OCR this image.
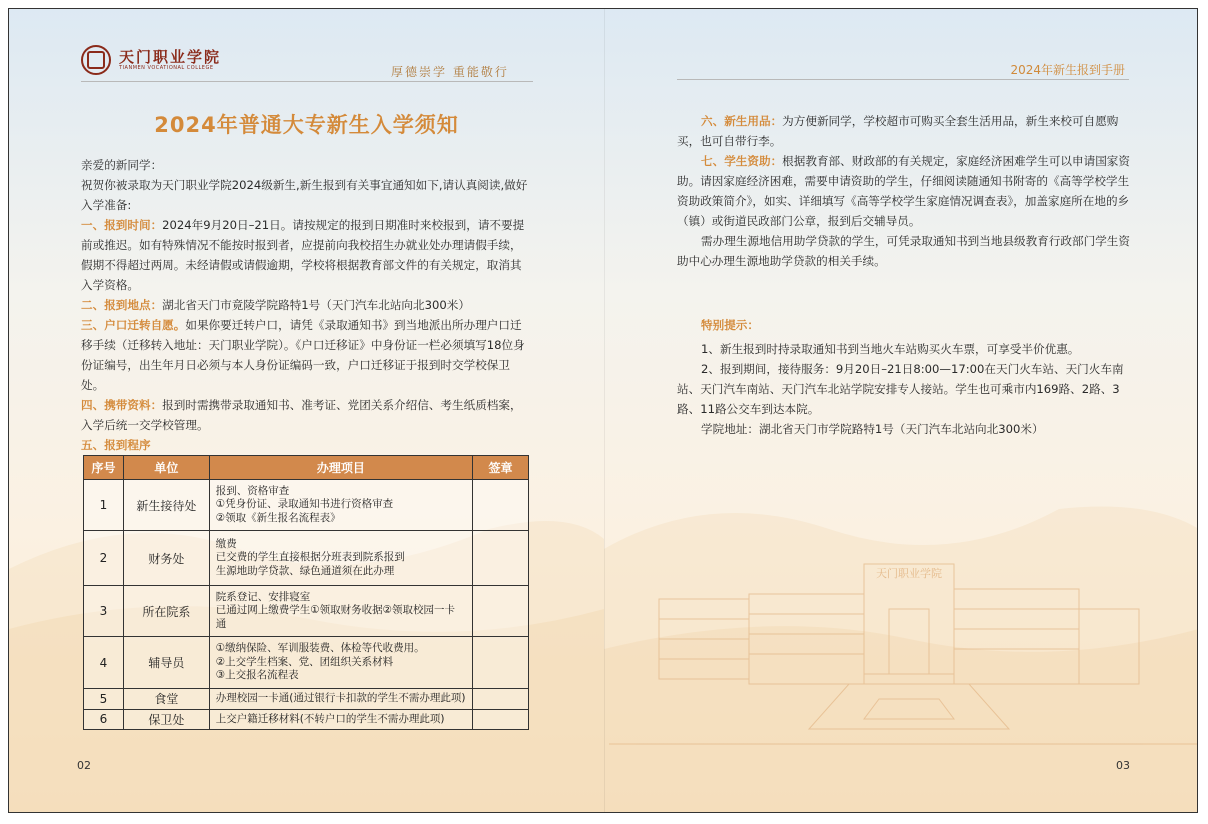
天门职业学院
天门职业学院
TIANMEN VOCATIONAL COLLEGE	厚德崇学 重能敬行
2024年普通大专新生入学须知

亲爱的新同学：

祝贺你被录取为天门职业学院2024级新生,新生报到有关事宜通知如下,请认真阅读,做好入学准备:

一、报到时间：2024年9月20日–21日。请按规定的报到日期准时来校报到，请不要提前或推迟。如有特殊情况不能按时报到者，应提前向我校招生办就业处办理请假手续，假期不得超过两周。未经请假或请假逾期，学校将根据教育部文件的有关规定，取消其入学资格。

二、报到地点：湖北省天门市竟陵学院路特1号（天门汽车北站向北300米）

三、户口迁转自愿。如果你要迁转户口，请凭《录取通知书》到当地派出所办理户口迁移手续（迁移转入地址：天门职业学院）。《户口迁移证》中身份证一栏必须填写18位身份证编号，出生年月日必须与本人身份证编码一致，户口迁移证于报到时交学校保卫处。

四、携带资料：报到时需携带录取通知书、准考证、党团关系介绍信、考生纸质档案，入学后统一交学校管理。

五、报到程序

序号	单位	办理项目	签章
1	新生接待处	报到、资格审查
①凭身份证、录取通知书进行资格审查
②领取《新生报名流程表》	

2	财务处	缴费
已交费的学生直接根据分班表到院系报到
生源地助学贷款、绿色通道须在此办理	

3	所在院系	院系登记、安排寝室
已通过网上缴费学生①领取财务收据②领取校园一卡 通	

4	辅导员	①缴纳保险、军训服装费、体检等代收费用。
②上交学生档案、党、团组织关系材料
③上交报名流程表	

5	食堂	办理校园一卡通(通过银行卡扣款的学生不需办理此项)	

6	保卫处	上交户籍迁移材料(不转户口的学生不需办理此项)	

02
2024年新生报到手册

六、新生用品：为方便新同学，学校超市可购买全套生活用品，新生来校可自愿购买，也可自带行李。

七、学生资助：根据教育部、财政部的有关规定，家庭经济困难学生可以申请国家资助。请因家庭经济困难，需要申请资助的学生，仔细阅读随通知书附寄的《高等学校学生资助政策简介》，如实、详细填写《高等学校学生家庭情况调查表》，加盖家庭所在地的乡（镇）或街道民政部门公章，报到后交辅导员。

需办理生源地信用助学贷款的学生，可凭录取通知书到当地县级教育行政部门学生资助中心办理生源地助学贷款的相关手续。

特别提示：

1、新生报到时持录取通知书到当地火车站购买火车票，可享受半价优惠。

2、报到期间，接待服务：9月20日–21日8:00—17:00在天门火车站、天门火车南站、天门汽车南站、天门汽车北站学院安排专人接站。学生也可乘市内169路、2路、3路、11路公交车到达本院。

学院地址：湖北省天门市学院路特1号（天门汽车北站向北300米）

03
